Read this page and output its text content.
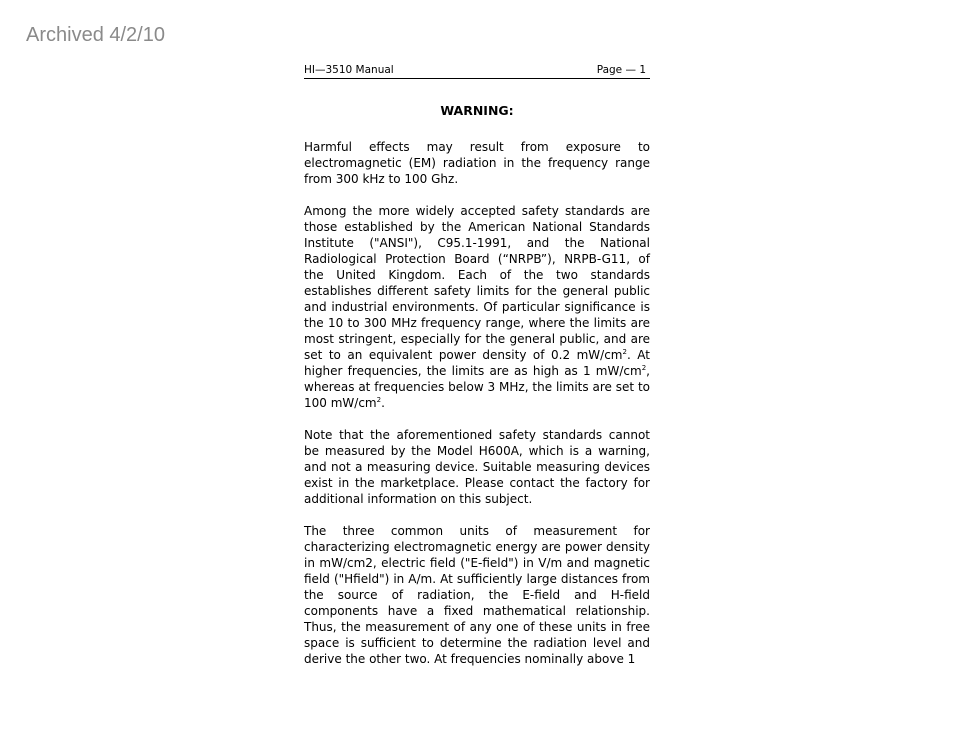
Archived 4/2/10
HI—3510 Manual	Page — 1
WARNING:

Harmful effects may result from exposure to electromagnetic (EM) radiation in the frequency range from 300 kHz to 100 Ghz.

Among the more widely accepted safety standards are those established by the American National Standards Institute ("ANSI"), C95.1-1991, and the National Radiological Protection Board (“NRPB”), NRPB-G11, of the United Kingdom. Each of the two standards establishes different safety limits for the general public and industrial environments. Of particular significance is the 10 to 300 MHz frequency range, where the limits are most stringent, especially for the general public, and are set to an equivalent power density of 0.2 $mW/cm^2$. At higher frequencies, the limits are as high as 1 $mW/cm^2$, whereas at frequencies below 3 MHz, the limits are set to 100 $mW/cm^2$.

Note that the aforementioned safety standards cannot be measured by the Model H600A, which is a warning, and not a measuring device. Suitable measuring devices exist in the marketplace. Please contact the factory for additional information on this subject.

The three common units of measurement for characterizing electromagnetic energy are power density in mW/cm2, electric field ("E-field") in V/m and magnetic field ("Hfield") in A/m. At sufficiently large distances from the source of radiation, the E-field and H-field components have a fixed mathematical relationship. Thus, the measurement of any one of these units in free space is sufficient to determine the radiation level and derive the other two. At frequencies nominally above 1
